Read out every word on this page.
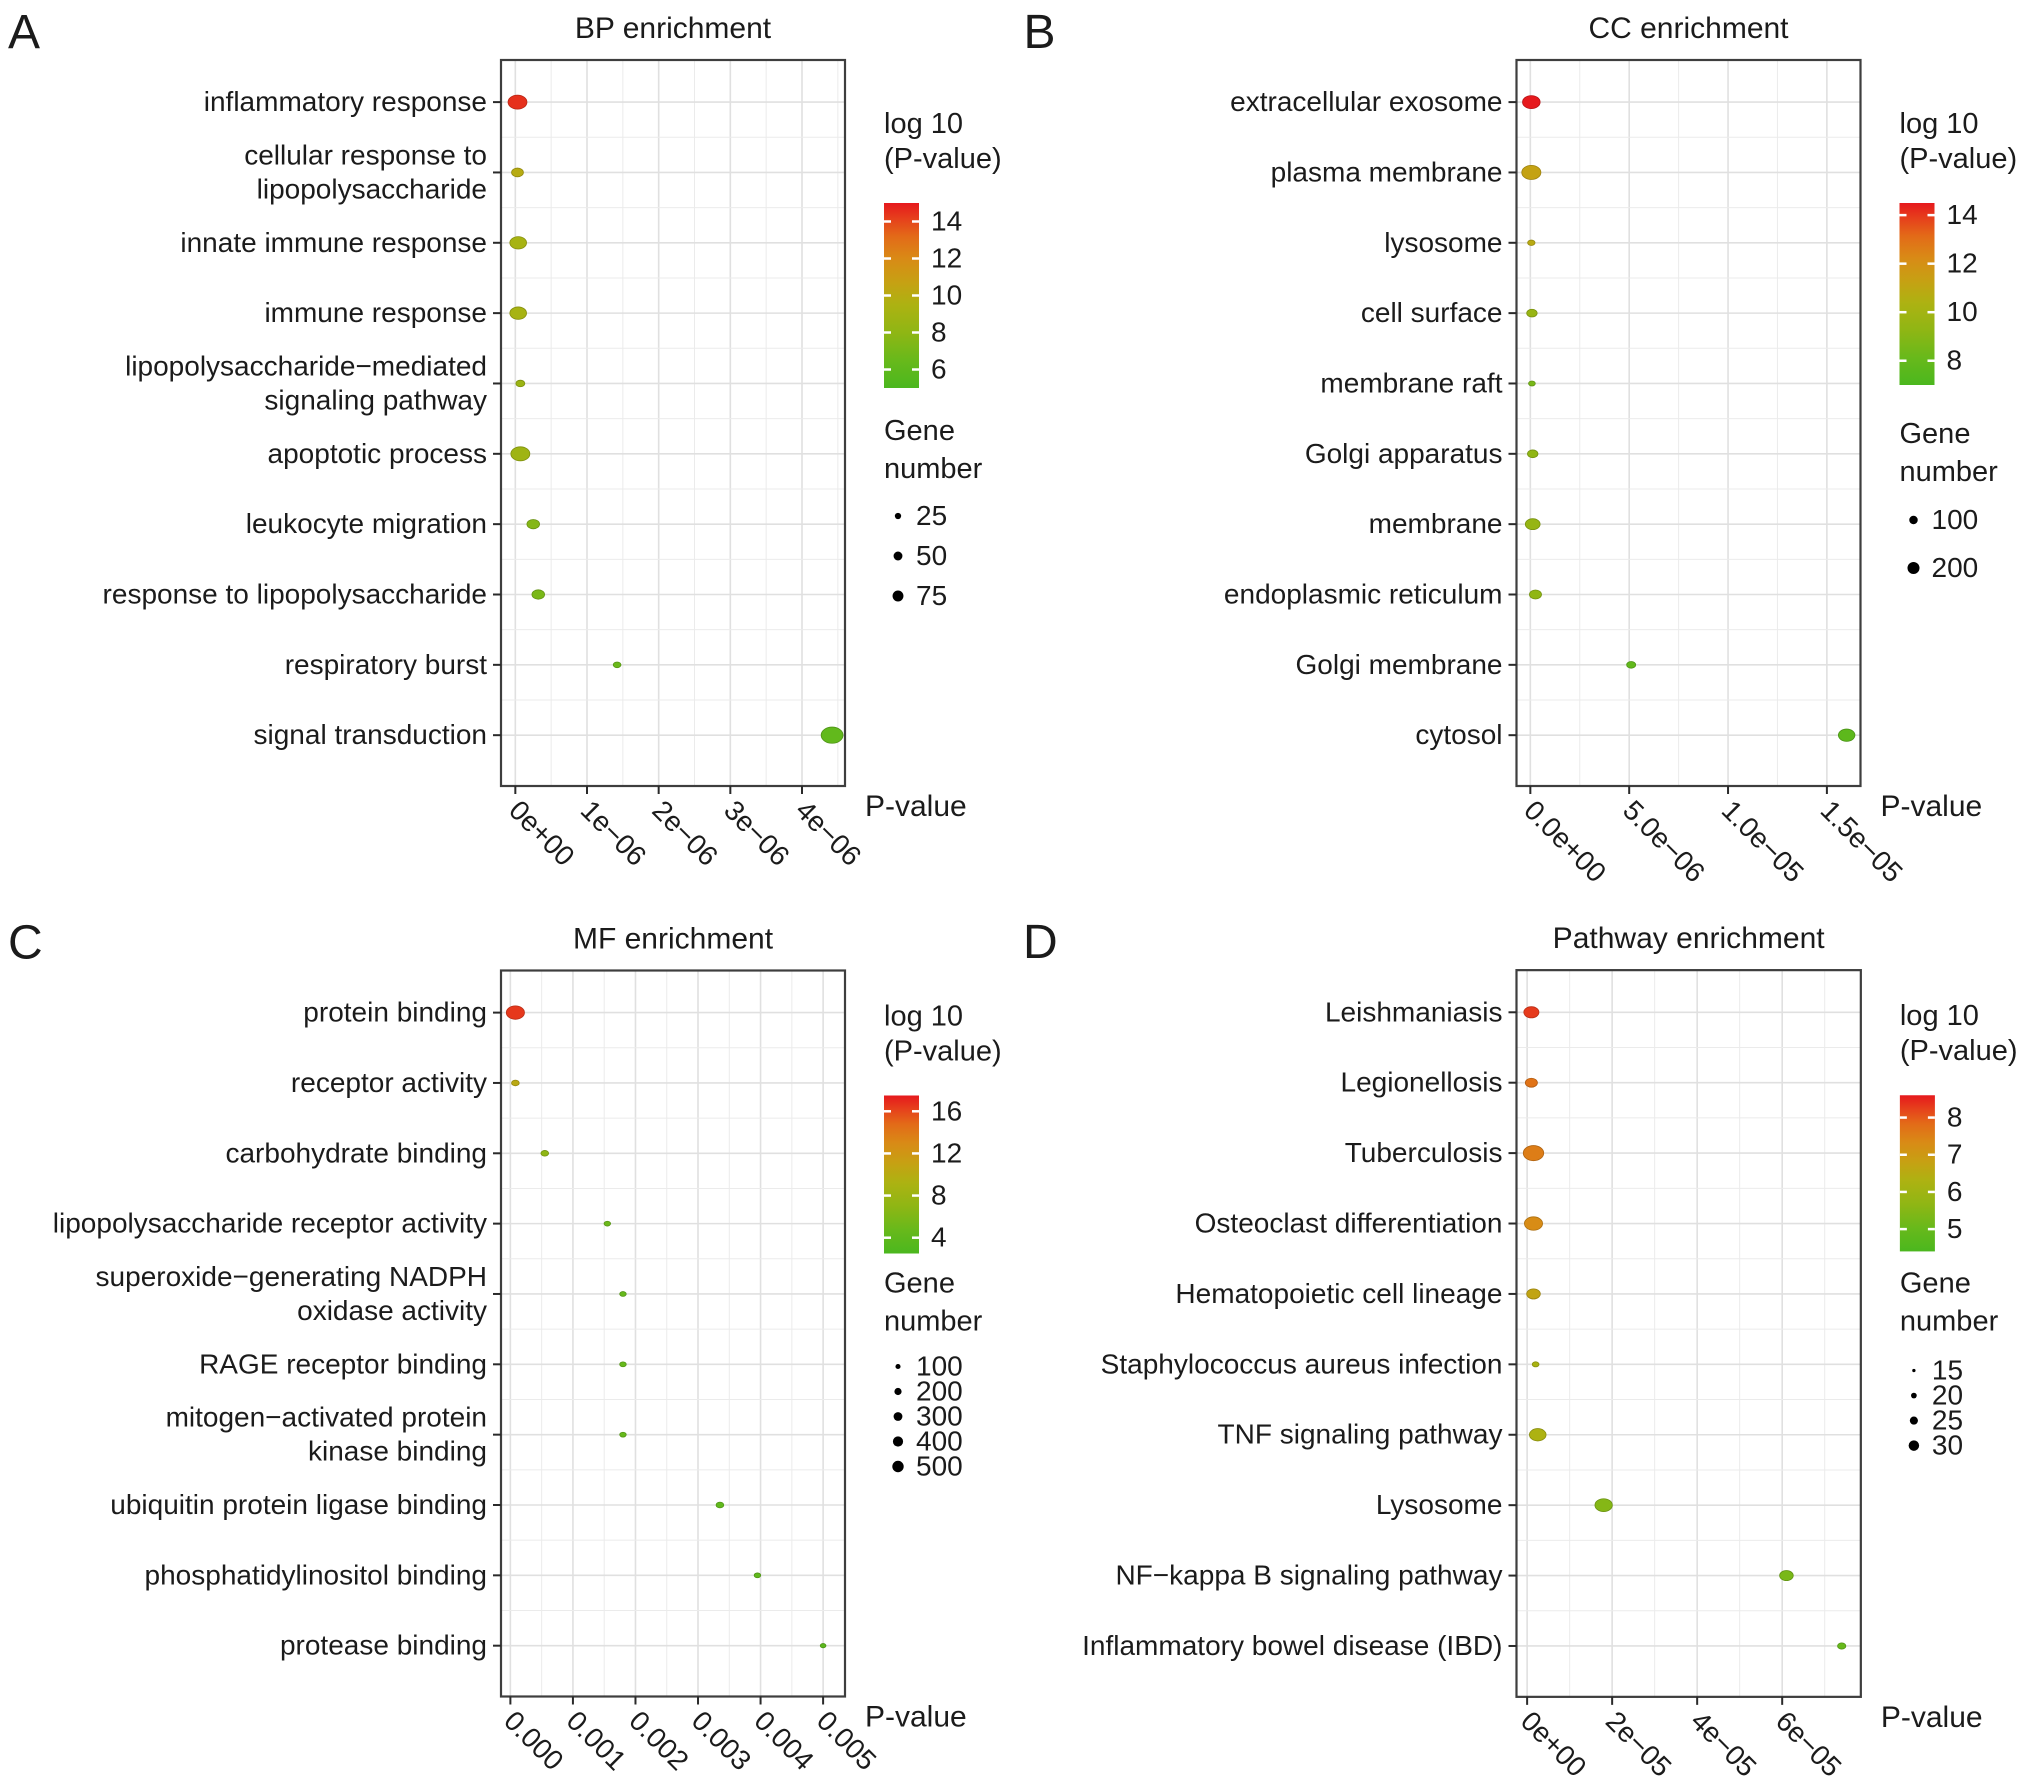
A	BP enrichment
inflammatory response
cellular response to
lipopolysaccharide
innate immune response
immune response
lipopolysaccharide−mediated
signaling pathway
apoptotic process
leukocyte migration
response to lipopolysaccharide
respiratory burst
signal transduction
0e+00
1e−06
2e−06
3e−06
4e−06
P-value
log 10
(P-value)
14
12
10
8
6
Gene
number
25
50
75
B	CC enrichment
extracellular exosome
plasma membrane
lysosome
cell surface
membrane raft
Golgi apparatus
membrane
endoplasmic reticulum
Golgi membrane
cytosol
0.0e+00 5.0e−06 1.0e−05 1.5e−05
P-value
log 10
(P-value)
14
12
10
8
Gene
number
100
200
C	MF enrichment
protein binding
receptor activity
carbohydrate binding
lipopolysaccharide receptor activity
superoxide−generating NADPH
oxidase activity
RAGE receptor binding
mitogen−activated protein
kinase binding
ubiquitin protein ligase binding
phosphatidylinositol binding
protease binding
0.000
0.001
0.002
0.003
0.004
0.005
P-value
log 10
(P-value)
16
12
8
4
Gene
number
100
200
300
400
500
D	Pathway enrichment
Leishmaniasis
Legionellosis
Tuberculosis
Osteoclast differentiation
Hematopoietic cell lineage
Staphylococcus aureus infection
TNF signaling pathway
Lysosome
NF−kappa B signaling pathway
Inflammatory bowel disease (IBD)
0e+00 2e−05 4e−05 6e−05 P-value
log 10
(P-value)
8
7
6
5
Gene
number
15
20
25
30
